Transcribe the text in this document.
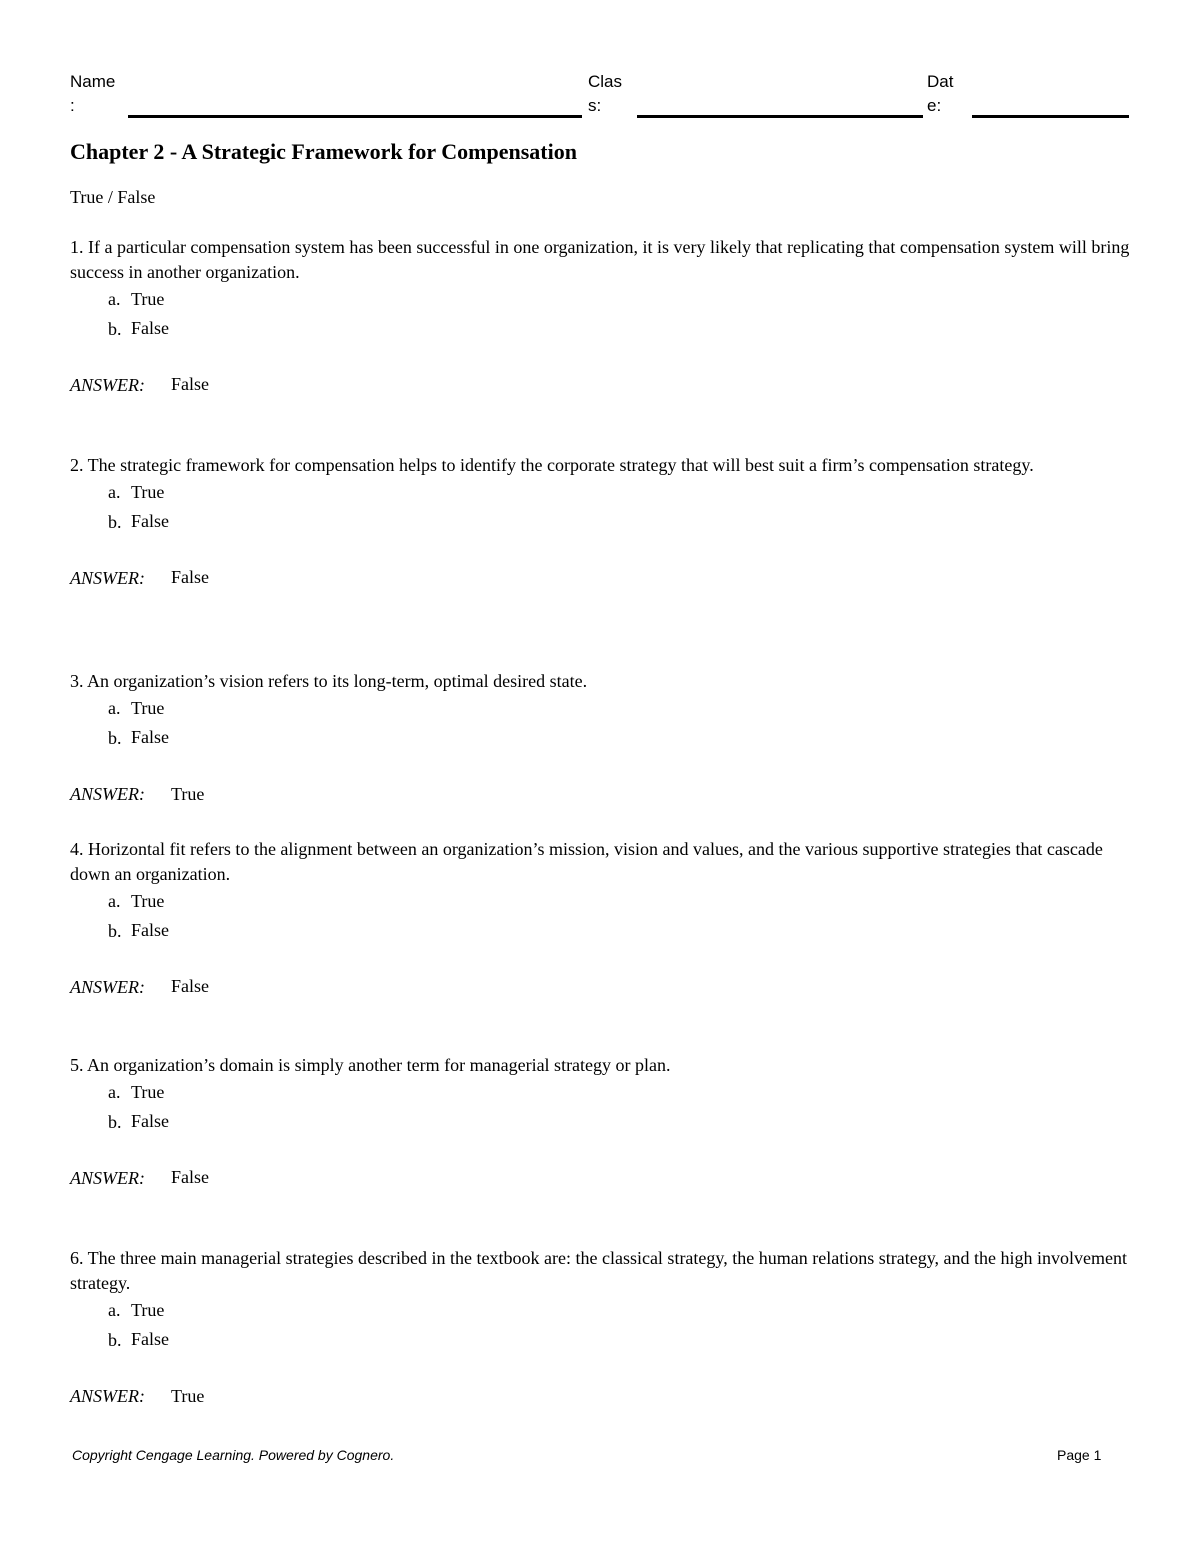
Name
:
Clas
s:
Dat
e:
Chapter 2 - A Strategic Framework for Compensation
True / False

1. If a particular compensation system has been successful in one organization, it is very likely that replicating that compensation system will bring success in another organization.

a. True
b. False
ANSWER: False

2. The strategic framework for compensation helps to identify the corporate strategy that will best suit a firm’s compensation strategy.

a. True
b. False
ANSWER: False

3. An organization’s vision refers to its long-term, optimal desired state.

a. True
b. False
ANSWER: True

4. Horizontal fit refers to the alignment between an organization’s mission, vision and values, and the various supportive strategies that cascade down an organization.

a. True
b. False
ANSWER: False

5. An organization’s domain is simply another term for managerial strategy or plan.

a. True
b. False
ANSWER: False

6. The three main managerial strategies described in the textbook are: the classical strategy, the human relations strategy, and the high involvement strategy.

a. True
b. False
ANSWER: True
Copyright Cengage Learning. Powered by Cognero.	Page 1
